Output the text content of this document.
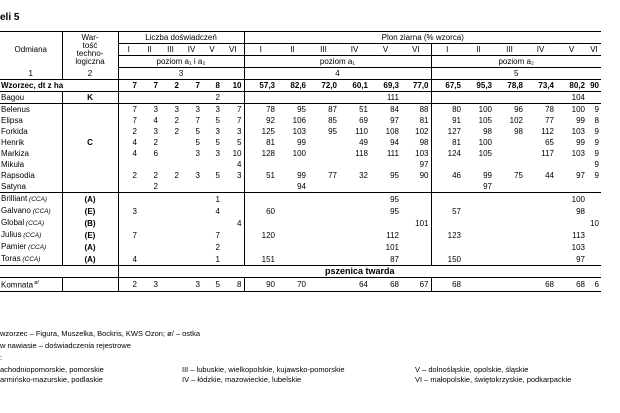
eli 5
Odmiana	War-
tość
techno-
logiczna	Liczba doświadczeń						Plon ziarna (% wzorca)											
		I	II	III	IV	V	VI	I	II	III	IV	V	VI	I	II	III	IV	V	VI
		poziom a₁ i a₂						poziom a₁						poziom a₂					
1	2	3						4						5					
Wzorzec, dt z ha		7	7	2	7	8	10	57,3	82,6	72,0	60,1	69,3	77,0	67,5	95,3	78,8	73,4	80,2	90
Bagou	K					2						111						104	
Belenus		7	3	3	3	3	7	78	95	87	51	84	88	80	100	96	78	100	9
Elipsa		7	4	2	7	5	7	92	106	85	69	97	81	91	105	102	77	99	8
Forkida		2	3	2	5	3	3	125	103	95	110	108	102	127	98	98	112	103	9
Henrik	C	4	2		5	5	5	81	99		49	94	98	81	100		65	99	9
Markiza		4	6		3	3	10	128	100		118	111	103	124	105		117	103	9
Mikula							4						97						9
Rapsodia		2	2	2	3	5	3	51	99	77	32	95	90	46	99	75	44	97	9
Satyna			2						94						97				
Brilliant (CCA)	(A)					1						95						100	
Galvano (CCA)	(E)	3				4		60				95		57				98	
Global (CCA)	(B)						4						101						10
Julius (CCA)	(E)	7				7		120				112		123				113	
Pamier (CCA)	(A)					2						101						103	
Toras (CCA)	(A)	4				1		151				87		150				97	
		pszenica twarda																	
Komnata $^{ø/}$		2	3		3	5	8	90	70		64	68	67	68			68	68	6
wzorzec – Figura, Muszelka, Bockris, KWS Ozon; ø/ – ostka
w nawiasie – doświadczenia rejestrowe
:
achodniopomorskie, pomorskie
armińsko-mazurskie, podlaskie
III – lubuskie, wielkopolskie, kujawsko-pomorskie
IV – łódzkie, mazowieckie, lubelskie
V – dolnośląskie, opolskie, śląskie
VI – małopolskie, świętokrzyskie, podkarpackie
